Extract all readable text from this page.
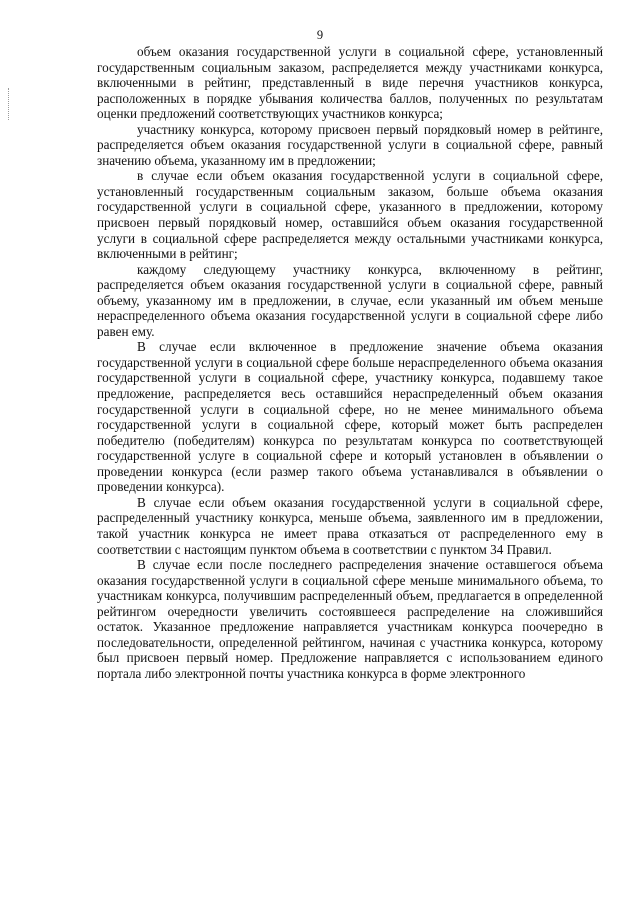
9

объем оказания государственной услуги в социальной сфере, установленный государственным социальным заказом, распределяется между участниками конкурса, включенными в рейтинг, представленный в виде перечня участников конкурса, расположенных в порядке убывания количества баллов, полученных по результатам оценки предложений соответствующих участников конкурса;

участнику конкурса, которому присвоен первый порядковый номер в рейтинге, распределяется объем оказания государственной услуги в социальной сфере, равный значению объема, указанному им в предложении;

в случае если объем оказания государственной услуги в социальной сфере, установленный государственным социальным заказом, больше объема оказания государственной услуги в социальной сфере, указанного в предложении, которому присвоен первый порядковый номер, оставшийся объем оказания государственной услуги в социальной сфере распределяется между остальными участниками конкурса, включенными в рейтинг;

каждому следующему участнику конкурса, включенному в рейтинг, распределяется объем оказания государственной услуги в социальной сфере, равный объему, указанному им в предложении, в случае, если указанный им объем меньше нераспределенного объема оказания государственной услуги в социальной сфере либо равен ему.

В случае если включенное в предложение значение объема оказания государственной услуги в социальной сфере больше нераспределенного объема оказания государственной услуги в социальной сфере, участнику конкурса, подавшему такое предложение, распределяется весь оставшийся нераспределенный объем оказания государственной услуги в социальной сфере, но не менее минимального объема государственной услуги в социальной сфере, который может быть распределен победителю (победителям) конкурса по результатам конкурса по соответствующей государственной услуге в социальной сфере и который установлен в объявлении о проведении конкурса (если размер такого объема устанавливался в объявлении о проведении конкурса).

В случае если объем оказания государственной услуги в социальной сфере, распределенный участнику конкурса, меньше объема, заявленного им в предложении, такой участник конкурса не имеет права отказаться от распределенного ему в соответствии с настоящим пунктом объема в соответствии с пунктом 34 Правил.

В случае если после последнего распределения значение оставшегося объема оказания государственной услуги в социальной сфере меньше минимального объема, то участникам конкурса, получившим распределенный объем, предлагается в определенной рейтингом очередности увеличить состоявшееся распределение на сложившийся остаток. Указанное предложение направляется участникам конкурса поочередно в последовательности, определенной рейтингом, начиная с участника конкурса, которому был присвоен первый номер. Предложение направляется с использованием единого портала либо электронной почты участника конкурса в форме электронного
